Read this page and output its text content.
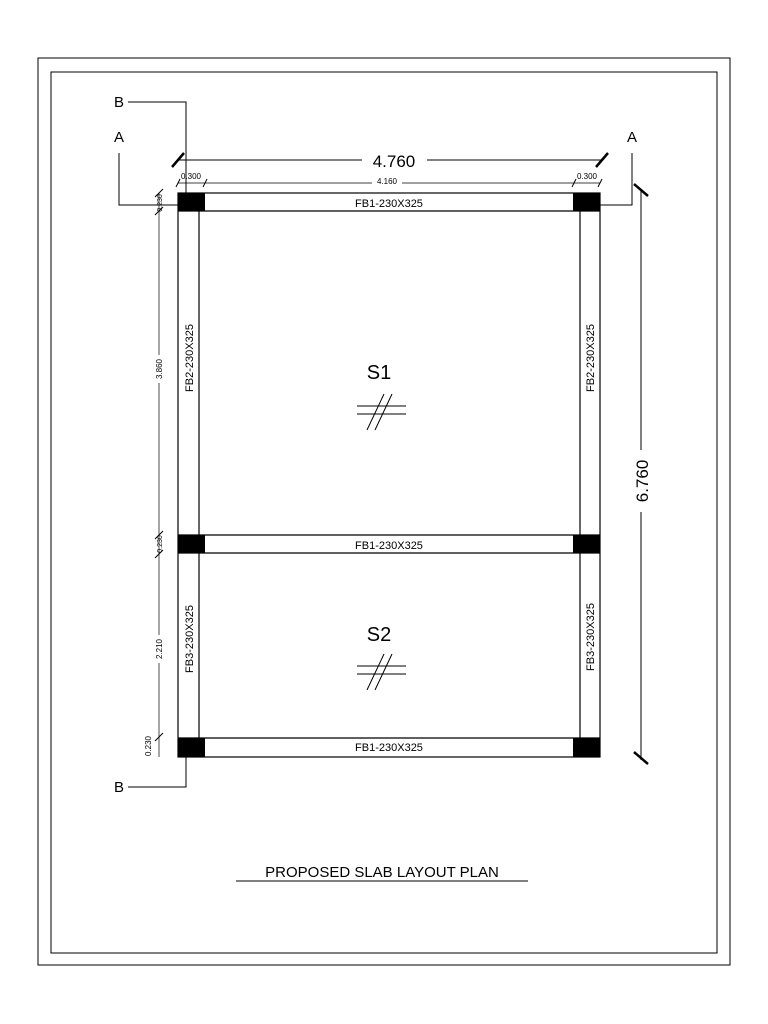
A	A
B
B
4.760
0.300
4.160
0.300
6.760
0.230
3.860
0.230
2.210
0.230
FB1-230X325
FB1-230X325
FB1-230X325
FB2-230X325	FB2-230X325
FB3-230X325	FB3-230X325
S1
S2
PROPOSED SLAB LAYOUT PLAN
